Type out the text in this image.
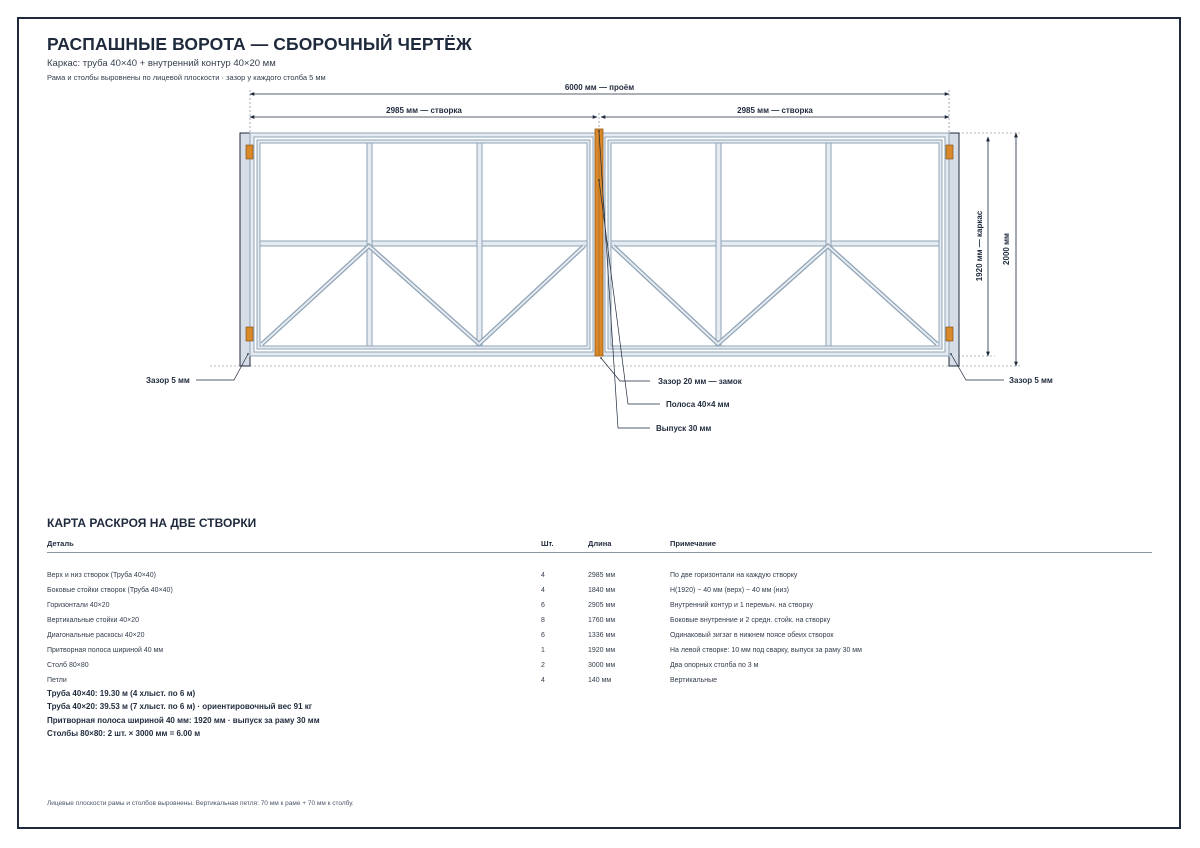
РАСПАШНЫЕ ВОРОТА — СБОРОЧНЫЙ ЧЕРТЁЖ
Каркас: труба 40×40 + внутренний контур 40×20 мм
Рама и столбы выровнены по лицевой плоскости · зазор у каждого столба 5 мм
6000 мм — проём
2985 мм — створка	2985 мм — створка
1920 мм — каркас 2000 мм
Зазор 5 мм	Зазор 5 мм
Зазор 20 мм — замок
Полоса 40×4 мм
Выпуск 30 мм
КАРТА РАСКРОЯ НА ДВЕ СТВОРКИ
Деталь	Шт.	Длина	Примечание

Верх и низ створок (Труба 40×40)	4	2985 мм	По две горизонтали на каждую створку
Боковые стойки створок (Труба 40×40)	4	1840 мм	H(1920) − 40 мм (верх) − 40 мм (низ)
Горизонтали 40×20	6	2905 мм	Внутренний контур и 1 перемыч. на створку
Вертикальные стойки 40×20	8	1760 мм	Боковые внутренние и 2 средн. стойк. на створку
Диагональные раскосы 40×20	6	1336 мм	Одинаковый зигзаг в нижнем поясе обеих створок
Притворная полоса шириной 40 мм	1	1920 мм	На левой створке: 10 мм под сварку, выпуск за раму 30 мм
Столб 80×80	2	3000 мм	Два опорных столба по 3 м
Петли	4	140 мм	Вертикальные
Труба 40×40: 19.30 м (4 хлыст. по 6 м)
Труба 40×20: 39.53 м (7 хлыст. по 6 м) · ориентировочный вес 91 кг
Притворная полоса шириной 40 мм: 1920 мм · выпуск за раму 30 мм
Столбы 80×80: 2 шт. × 3000 мм = 6.00 м
Лицевые плоскости рамы и столбов выровнены. Вертикальная петля: 70 мм к раме + 70 мм к столбу.
